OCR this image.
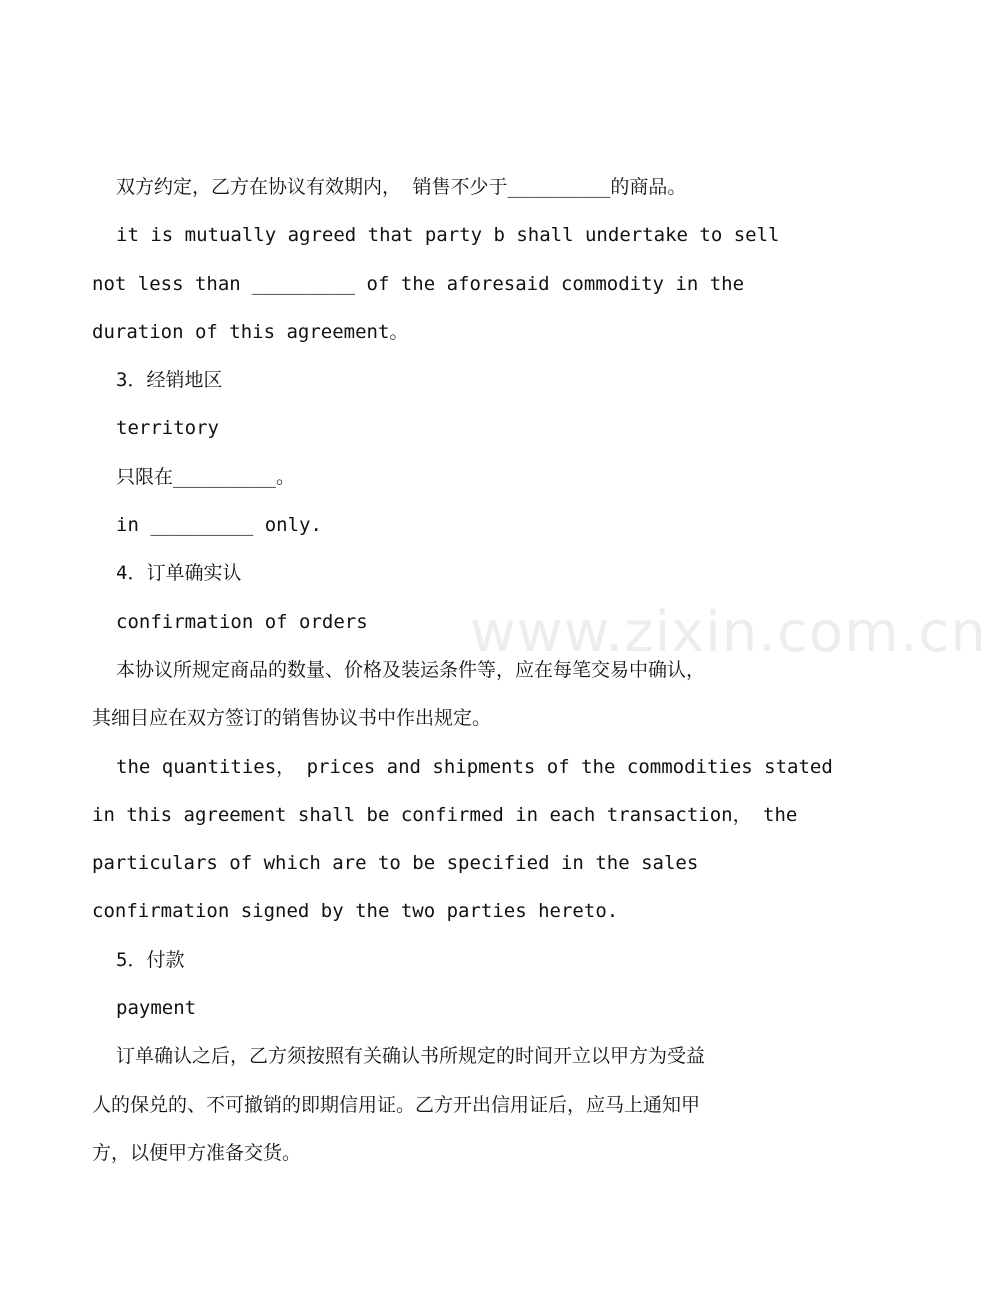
www.zixin.com.cn
双方约定，乙方在协议有效期内， 销售不少于_________的商品。
it is mutually agreed that party b shall undertake to sell
not less than _________ of the aforesaid commodity in the
duration of this agreement。
3．经销地区
territory
只限在_________。
in _________ only.
4．订单确实认
confirmation of orders
本协议所规定商品的数量、价格及装运条件等，应在每笔交易中确认，
其细目应在双方签订的销售协议书中作出规定。
the quantities， prices and shipments of the commodities stated
in this agreement shall be confirmed in each transaction， the
particulars of which are to be specified in the sales
confirmation signed by the two parties hereto.
5．付款
payment
订单确认之后，乙方须按照有关确认书所规定的时间开立以甲方为受益
人的保兑的、不可撤销的即期信用证。乙方开出信用证后，应马上通知甲
方，以便甲方准备交货。
